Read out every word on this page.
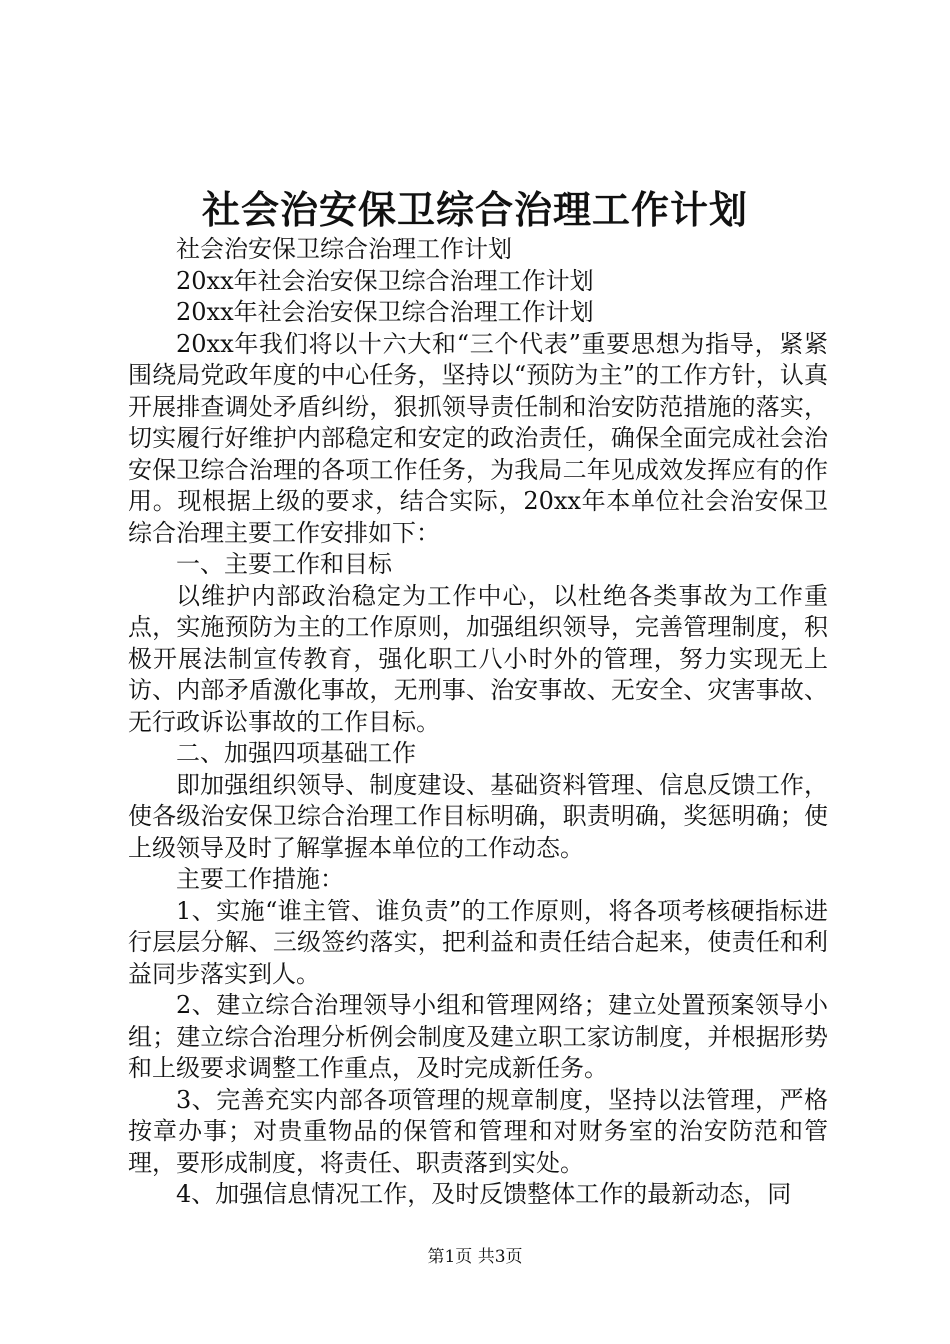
社会治安保卫综合治理工作计划

社会治安保卫综合治理工作计划

20xx年社会治安保卫综合治理工作计划

20xx年社会治安保卫综合治理工作计划

20xx年我们将以十六大和“三个代表”重要思想为指导，紧紧围绕局党政年度的中心任务，坚持以“预防为主”的工作方针，认真开展排查调处矛盾纠纷，狠抓领导责任制和治安防范措施的落实，切实履行好维护内部稳定和安定的政治责任，确保全面完成社会治安保卫综合治理的各项工作任务，为我局二年见成效发挥应有的作用。现根据上级的要求，结合实际，20xx年本单位社会治安保卫综合治理主要工作安排如下：

一、主要工作和目标

以维护内部政治稳定为工作中心，以杜绝各类事故为工作重点，实施预防为主的工作原则，加强组织领导，完善管理制度，积极开展法制宣传教育，强化职工八小时外的管理，努力实现无上访、内部矛盾激化事故，无刑事、治安事故、无安全、灾害事故、无行政诉讼事故的工作目标。

二、加强四项基础工作

即加强组织领导、制度建设、基础资料管理、信息反馈工作，使各级治安保卫综合治理工作目标明确，职责明确，奖惩明确；使上级领导及时了解掌握本单位的工作动态。

主要工作措施：

1、实施“谁主管、谁负责”的工作原则，将各项考核硬指标进行层层分解、三级签约落实，把利益和责任结合起来，使责任和利益同步落实到人。

2、建立综合治理领导小组和管理网络；建立处置预案领导小组；建立综合治理分析例会制度及建立职工家访制度，并根据形势和上级要求调整工作重点，及时完成新任务。

3、完善充实内部各项管理的规章制度，坚持以法管理，严格按章办事；对贵重物品的保管和管理和对财务室的治安防范和管理，要形成制度，将责任、职责落到实处。

4、加强信息情况工作，及时反馈整体工作的最新动态，同

第1页 共3页
